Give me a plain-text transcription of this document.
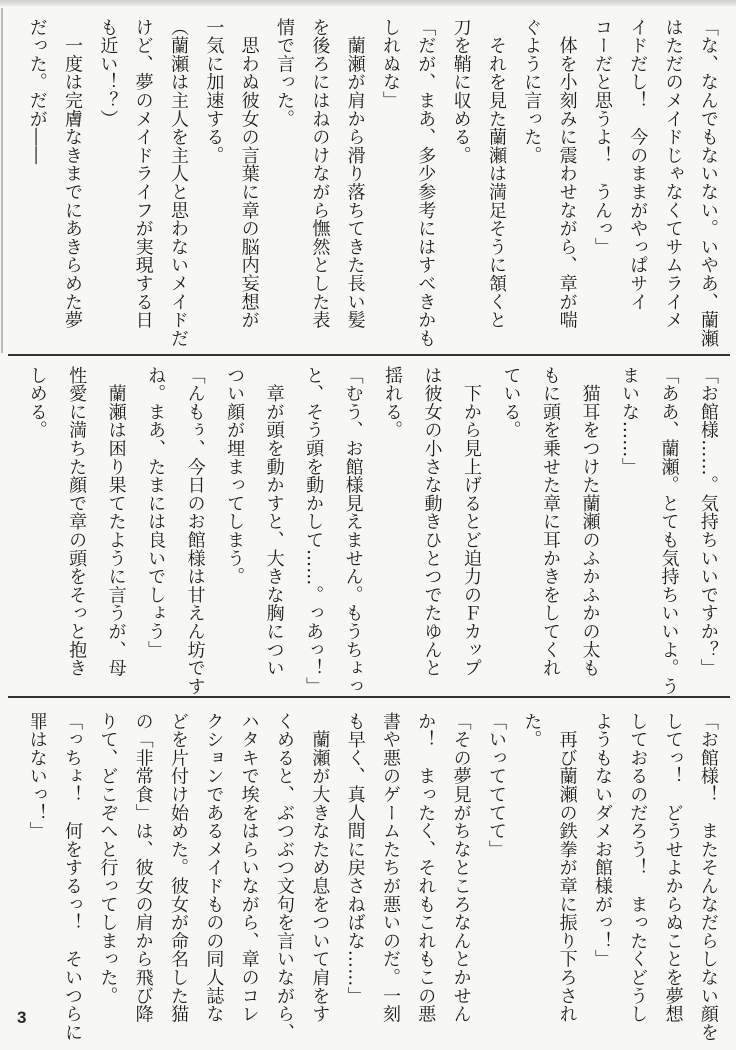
「な、なんでもないない。いやあ、蘭瀬
はただのメイドじゃなくてサムライメ
イドだし！　今のままがやっぱサイ
コーだと思うよ！　うんっ」
　体を小刻みに震わせながら、章が喘
ぐように言った。
　それを見た蘭瀬は満足そうに頷くと
刀を鞘に収める。
「だが、まあ、多少参考にはすべきかも
しれぬな」
　蘭瀬が肩から滑り落ちてきた長い髪
を後ろにはねのけながら憮然とした表
情で言った。
　思わぬ彼女の言葉に章の脳内妄想が
一気に加速する。
（蘭瀬は主人を主人と思わないメイドだ
けど、夢のメイドライフが実現する日
も近い！？）
　一度は完膚なきまでにあきらめた夢
だった。だが――
「お館様……。気持ちいいですか？」
「ああ、蘭瀬。とても気持ちいいよ。う
まいな……」
　猫耳をつけた蘭瀬のふかふかの太も
もに頭を乗せた章に耳かきをしてくれ
ている。
　下から見上げるとど迫力のＦカップ
は彼女の小さな動きひとつでたゆんと
揺れる。
「むう、お館様見えません。もうちょっ
と、そう頭を動かして……。っあっ！」
　章が頭を動かすと、大きな胸につい
つい顔が埋まってしまう。
「んもぅ、今日のお館様は甘えん坊です
ね。まあ、たまには良いでしょう」
　蘭瀬は困り果てたように言うが、母
性愛に満ちた顔で章の頭をそっと抱き
しめる。
「お館様！　またそんなだらしない顔を
してっ！　どうせよからぬことを夢想
しておるのだろう！　まったくどうし
ようもないダメお館様がっ！」
　再び蘭瀬の鉄拳が章に振り下ろされ
た。
「いってててて」
「その夢見がちなところなんとかせん
か！　まったく、それもこれもこの悪
書や悪のゲームたちが悪いのだ。一刻
も早く、真人間に戻さねばな……」
　蘭瀬が大きなため息をついて肩をす
くめると、ぶつぶつ文句を言いながら、
ハタキで埃をはらいながら、章のコレ
クションであるメイドものの同人誌な
どを片付け始めた。彼女が命名した猫
の「非常食」は、彼女の肩から飛び降
りて、どこぞへと行ってしまった。
「っちょ！　何をするっ！　そいつらに
罪はないっ！」
3
